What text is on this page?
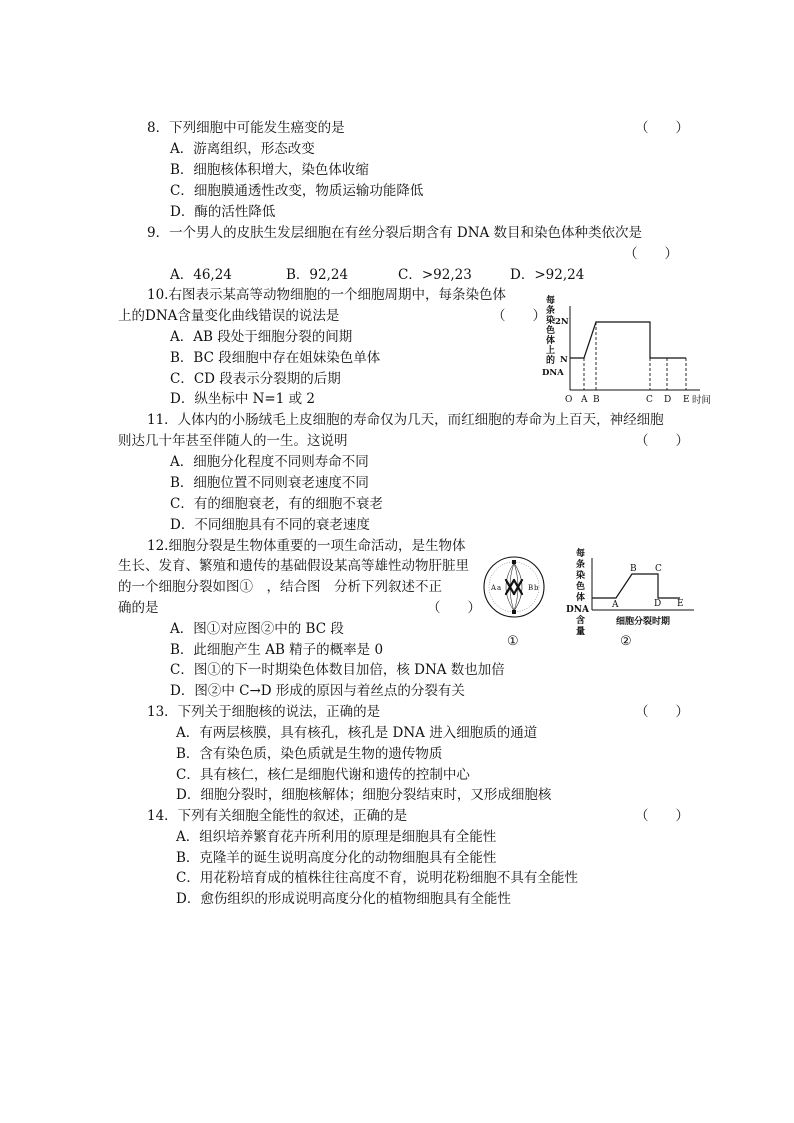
8．下列细胞中可能发生癌变的是	（　　）
A．游离组织，形态改变
B．细胞核体积增大，染色体收缩
C．细胞膜通透性改变，物质运输功能降低
D．酶的活性降低
9．一个男人的皮肤生发层细胞在有丝分裂后期含有 DNA 数目和染色体种类依次是
（　　）
A．46,24	B．92,24	C．>92,23	D．>92,24
10.右图表示某高等动物细胞的一个细胞周期中，每条染色体
上的DNA含量变化曲线错误的说法是	（　　）
A．AB 段处于细胞分裂的间期
B．BC 段细胞中存在姐妹染色单体
C．CD 段表示分裂期的后期
D．纵坐标中 N=1 或 2
每
条
染
色
体
上
的
DNA
2N
N
O A B	C D E 时间
11．人体内的小肠绒毛上皮细胞的寿命仅为几天，而红细胞的寿命为上百天，神经细胞
则达几十年甚至伴随人的一生。这说明	（　　）
A．细胞分化程度不同则寿命不同
B．细胞位置不同则衰老速度不同
C．有的细胞衰老，有的细胞不衰老
D．不同细胞具有不同的衰老速度
12.细胞分裂是生物体重要的一项生命活动，是生物体
生长、发育、繁殖和遗传的基础假设某高等雄性动物肝脏里
的一个细胞分裂如图①　，结合图　分析下列叙述不正
确的是	（　　）
A．图①对应图②中的 BC 段
B．此细胞产生 AB 精子的概率是 0
C．图①的下一时期染色体数目加倍，核 DNA 数也加倍
D．图②中 C→D 形成的原因与着丝点的分裂有关
A a	B b
①
每
条
染
色
体
DNA
含
量
A
B C
D E
细胞分裂时期
②
13．下列关于细胞核的说法，正确的是	（　　）
A．有两层核膜，具有核孔，核孔是 DNA 进入细胞质的通道
B．含有染色质，染色质就是生物的遗传物质
C．具有核仁，核仁是细胞代谢和遗传的控制中心
D．细胞分裂时，细胞核解体；细胞分裂结束时，又形成细胞核
14．下列有关细胞全能性的叙述，正确的是	（　　）
A．组织培养繁育花卉所利用的原理是细胞具有全能性
B．克隆羊的诞生说明高度分化的动物细胞具有全能性
C．用花粉培育成的植株往往高度不育，说明花粉细胞不具有全能性
D．愈伤组织的形成说明高度分化的植物细胞具有全能性
